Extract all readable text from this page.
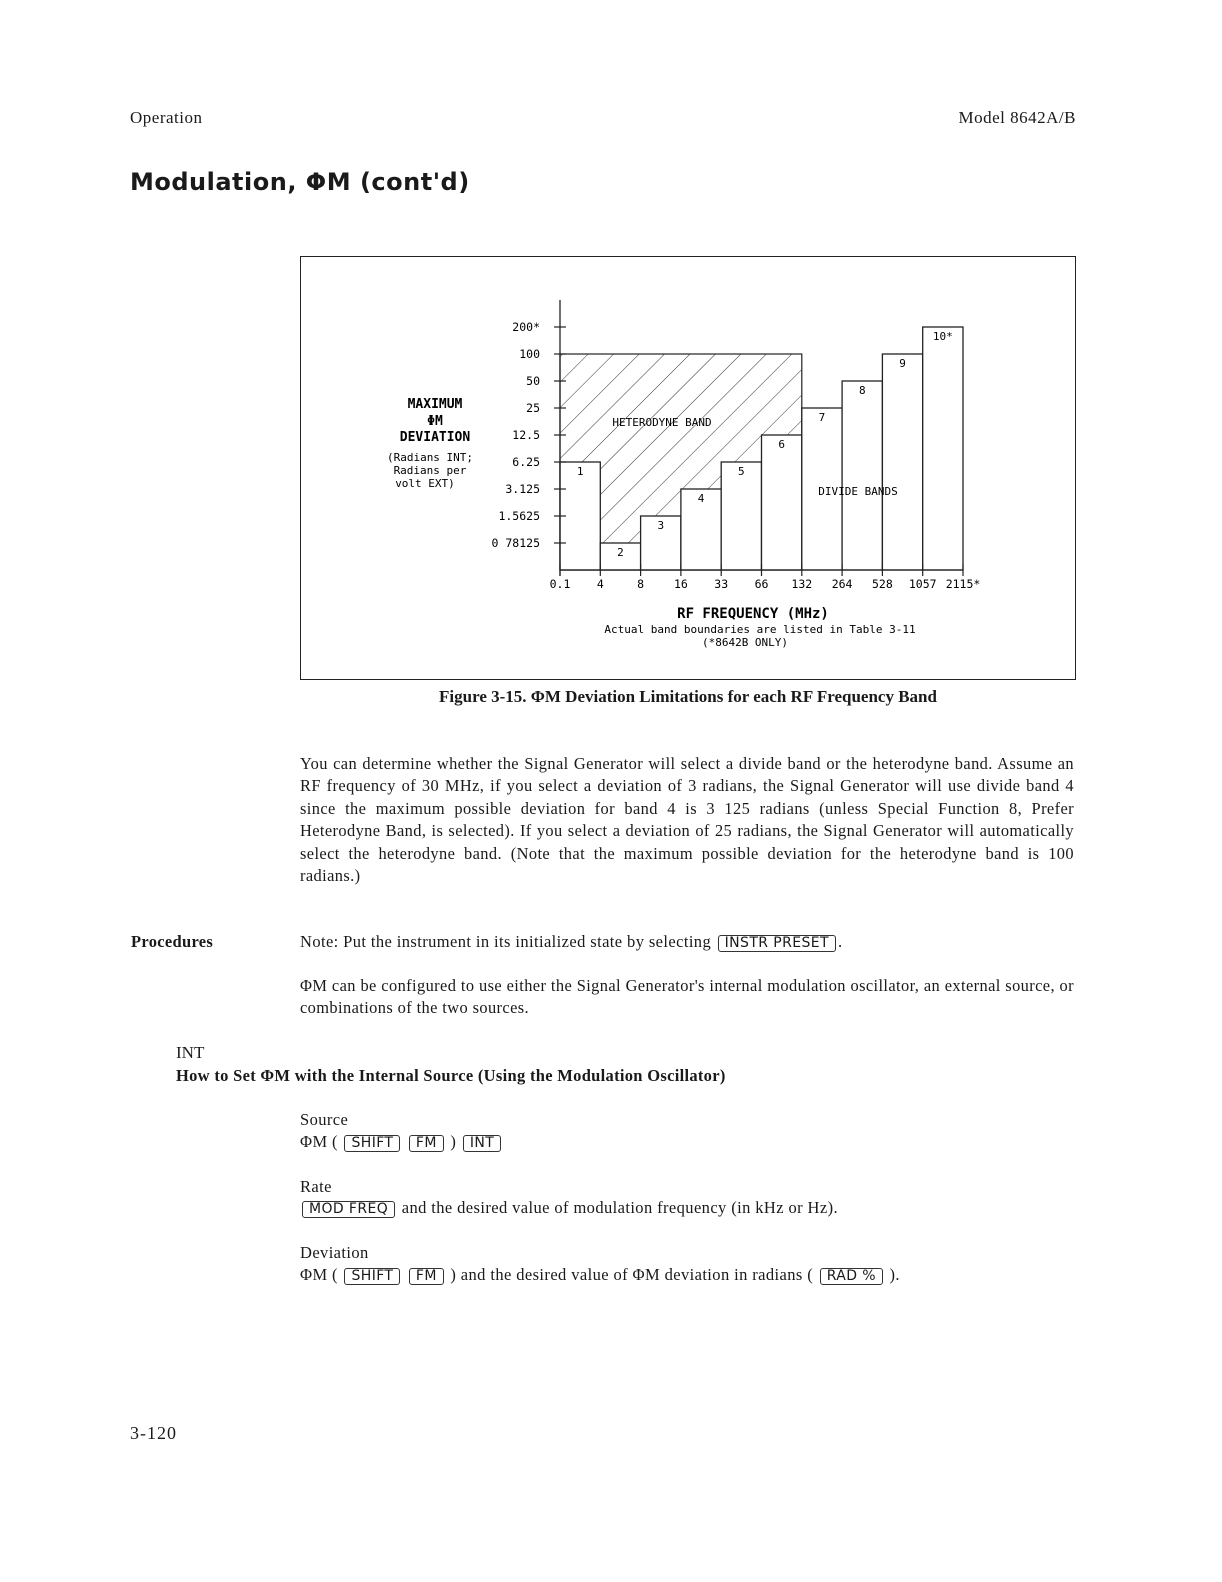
Operation	Model 8642A/B
Modulation, ΦM (cont'd)
1
2
3
4
5
6
7
8
9
10*
0 78125
1.5625
3.125
6.25
12.5
25
50
100
200*
0.1 4	8	16 33 66 132 264 528 1057 2115*
MAXIMUM
ΦM
DEVIATION
(Radians INT;
Radians per
volt EXT)
RF FREQUENCY (MHz)
Actual band boundaries are listed in Table 3-11
(*8642B ONLY)
HETERODYNE BAND
DIVIDE BANDS
Figure 3-15. ΦM Deviation Limitations for each RF Frequency Band
You can determine whether the Signal Generator will select a divide band or the heterodyne band. Assume an RF frequency of 30 MHz, if you select a deviation of 3 radians, the Signal Generator will use divide band 4 since the maximum possible deviation for band 4 is 3 125 radians (unless Special Function 8, Prefer Heterodyne Band, is selected). If you select a deviation of 25 radians, the Signal Generator will automatically select the heterodyne band. (Note that the maximum possible deviation for the heterodyne band is 100 radians.)
Procedures	Note: Put the instrument in its initialized state by selecting INSTR PRESET .
ΦM can be configured to use either the Signal Generator's internal modulation oscillator, an external source, or combinations of the two sources.
INT
How to Set ΦM with the Internal Source (Using the Modulation Oscillator)
Source
ΦM ( SHIFT FM ) INT
Rate
MOD FREQ and the desired value of modulation frequency (in kHz or Hz).
Deviation
ΦM ( SHIFT FM ) and the desired value of ΦM deviation in radians ( RAD % ).
3-120
